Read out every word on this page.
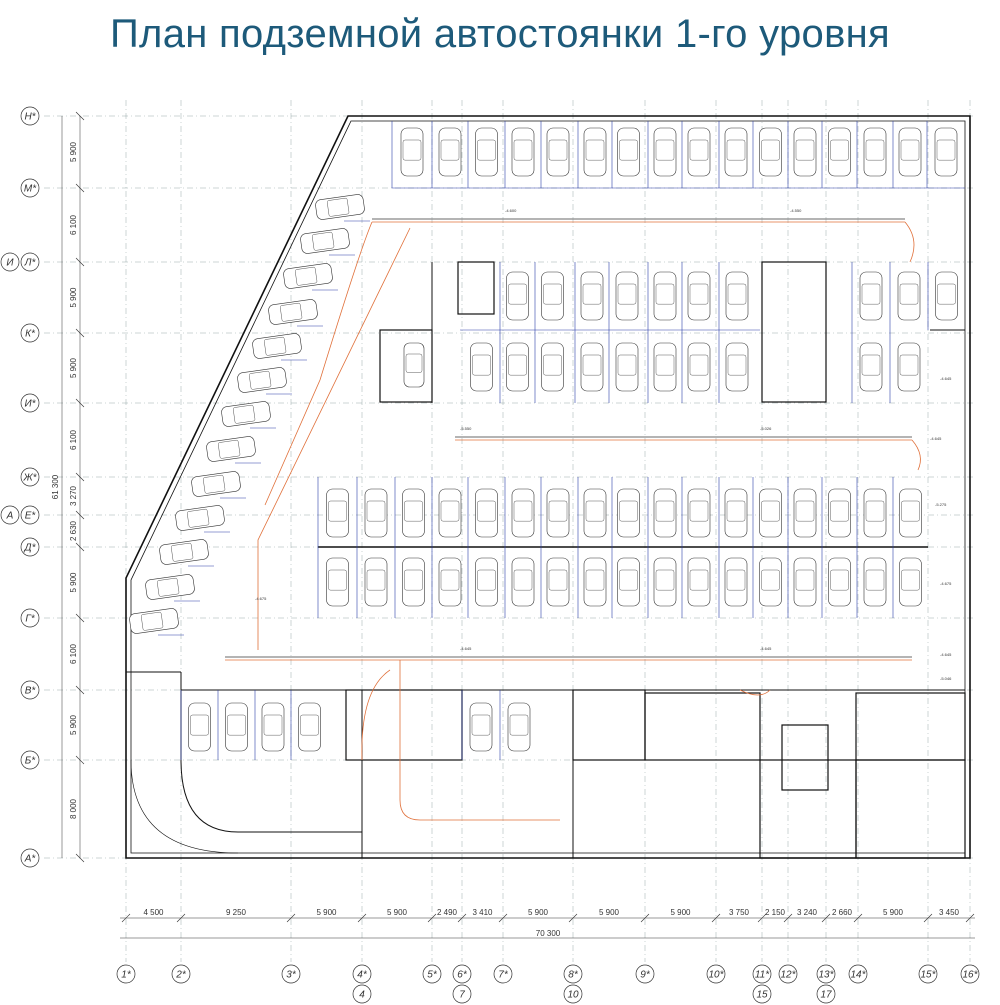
План подземной автостоянки 1-го уровня
Н*
М*
Л*
К*
И*
Ж*
Е*
Д*
Г*
В*
Б*
А*
И
А
1*	2*	3*	4*	5* 6*	7*	8*	9*	10*	11* 12* 13* 14*	15*	16*
4	7	10	15	17
5 900
6 100
5 900
5 900
6 100
3 270
2 630
5 900
6 100
5 900
8 000
61 300
4 500	9 250	5 900	5 900	2 490 3 410	5 900	5 900	5 900	3 750 2 150 3 240 2 660	5 900	3 450
70 300
-4.600	-4.550
-5.550	-5.026
-4.645
-4.645	-4.645
-4.645
-4.675
-4.675
-5.275
-4.645
-5.046
